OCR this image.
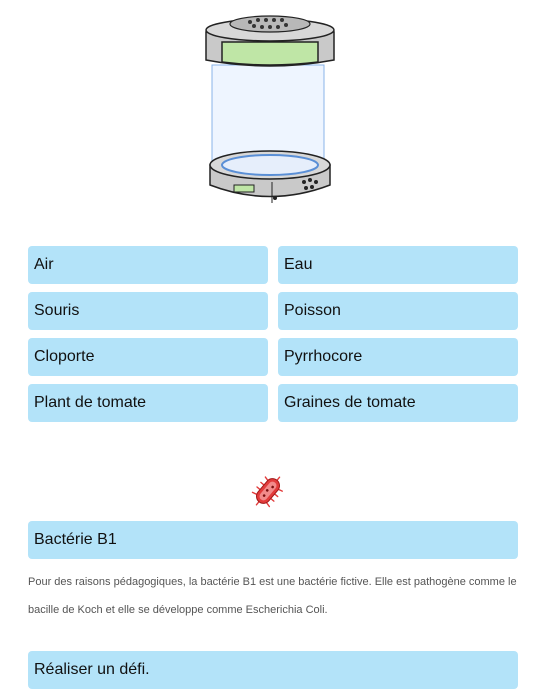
Air	Eau
Souris	Poisson
Cloporte	Pyrrhocore
Plant de tomate	Graines de tomate
Bactérie B1
Pour des raisons pédagogiques, la bactérie B1 est une bactérie fictive. Elle est pathogène comme le bacille de Koch et elle se développe comme Escherichia Coli.
Réaliser un défi.
